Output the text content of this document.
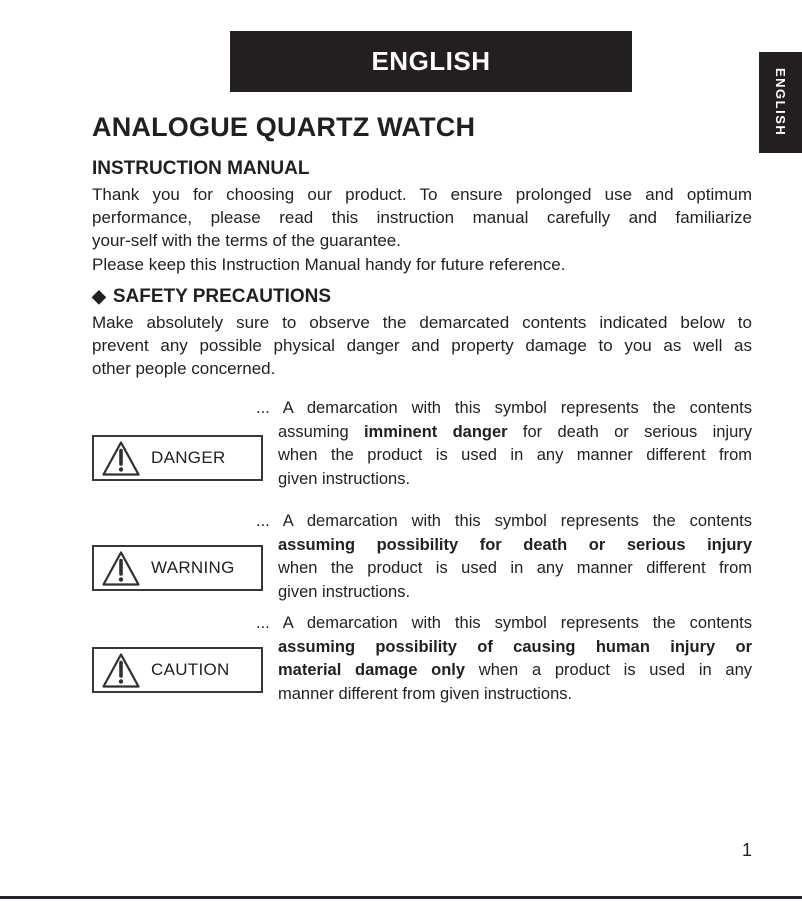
ENGLISH
ENGLISH
ANALOGUE QUARTZ WATCH
INSTRUCTION MANUAL
Thank you for choosing our product. To ensure prolonged use and optimum
performance, please read this instruction manual carefully and familiarize
your-self with the terms of the guarantee.
Please keep this Instruction Manual handy for future reference.
◆ SAFETY PRECAUTIONS
Make absolutely sure to observe the demarcated contents indicated below to
prevent any possible physical danger and property damage to you as well as
other people concerned.
... A demarcation with this symbol represents the contents
assuming imminent danger for death or serious injury
when the product is used in any manner different from
given instructions.
DANGER
... A demarcation with this symbol represents the contents
assuming possibility for death or serious injury
when the product is used in any manner different from
given instructions.
WARNING
... A demarcation with this symbol represents the contents
assuming possibility of causing human injury or
material damage only when a product is used in any
manner different from given instructions.
CAUTION
1
